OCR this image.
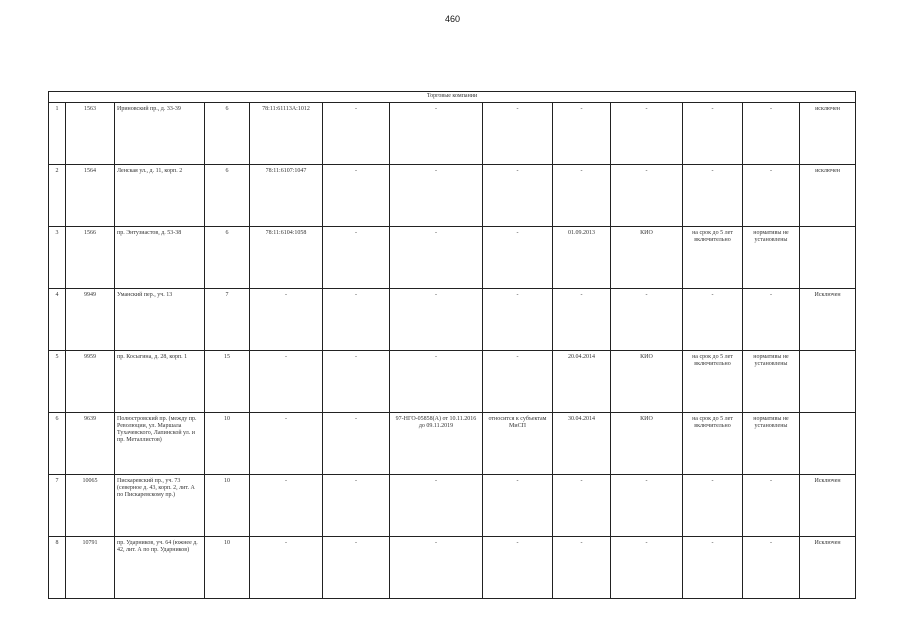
460
Торговые компании												
1	1563	Ириновский пр., д. 33-39	6	78:11:61113А:1012	-	-	-	-	-	-	-	исключен
2	1564	Ленская ул., д. 11, корп. 2	6	78:11:6107:1047	-	-	-	-	-	-	-	исключен
3	1566	пр. Энтузиастов, д. 53-38	6	78:11:6104:1058	-	-	-	01.09.2013	КИО	на срок до 5 лет включительно	нормативы не установлены	
4	9949	Уманский пер., уч. 13	7	-	-	-	-	-	-	-	-	Исключен
5	9959	пр. Косыгина, д. 28, корп. 1	15	-	-	-	-	20.04.2014	КИО	на срок до 5 лет включительно	нормативы не установлены	
6	9639	Полюстровский пр. (между пр. Революции, ул. Маршала Тухачевского, Лапинской ул. и пр. Металлистов)	10	-	-	97-НГО-05858(А) от 10.11.2016 до 09.11.2019	относится к субъектам МиСП	30.04.2014	КИО	на срок до 5 лет включительно	нормативы не установлены	
7	10065	Пискаревский пр., уч. 73 (северное д. 43, корп. 2, лит. А по Пискаревскому пр.)	10	-	-	-	-	-	-	-	-	Исключен
8	10791	пр. Ударников, уч. 64 (южнее д. 42, лит. А по пр. Ударников)	10	-	-	-	-	-	-	-	-	Исключен
